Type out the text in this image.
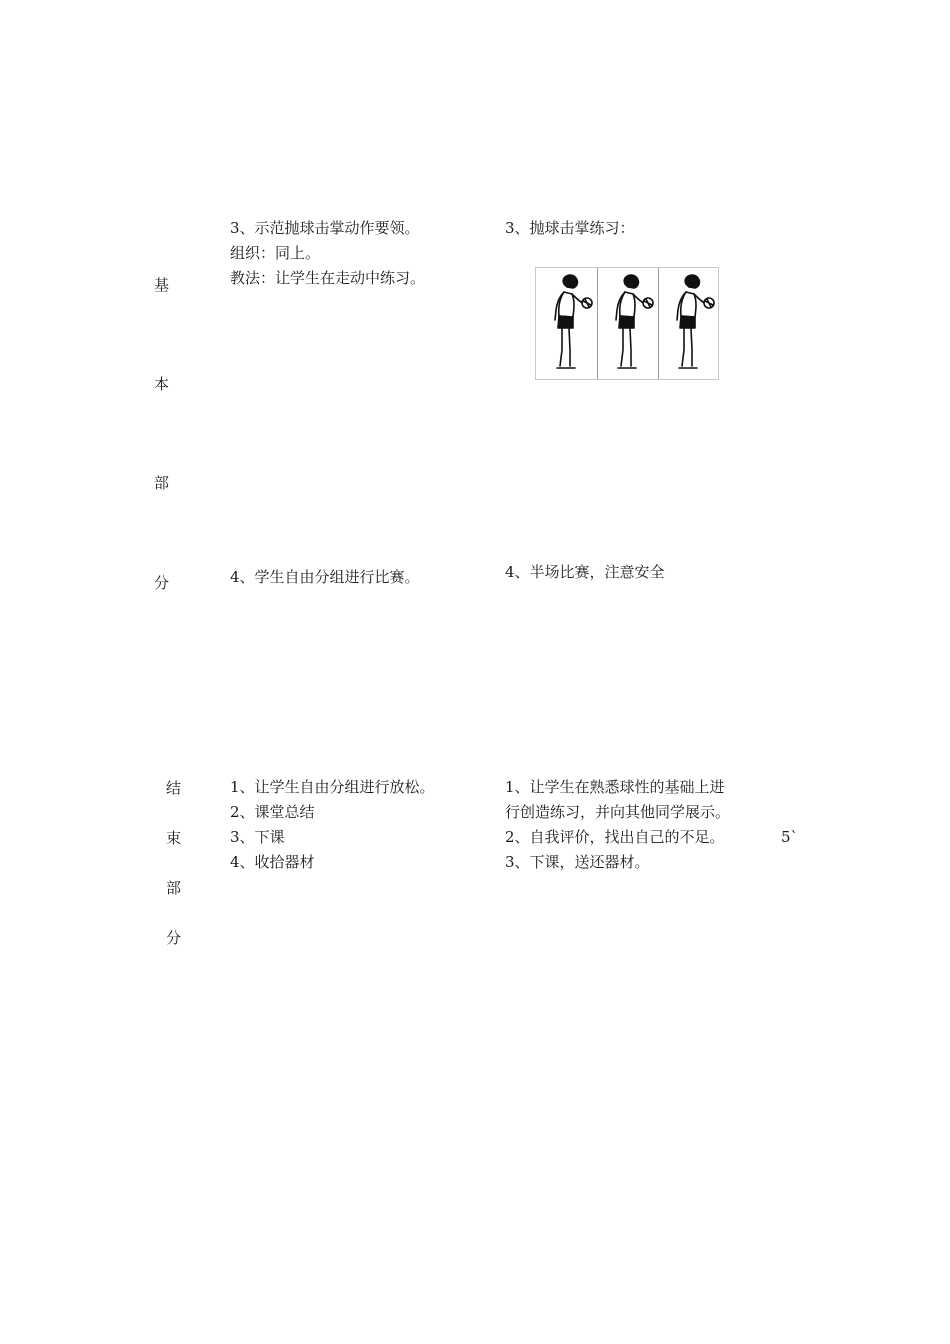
基
本
部
分
3、示范抛球击掌动作要领。
组织：同上。
教法：让学生在走动中练习。
3、抛球击掌练习：
4、学生自由分组进行比赛。	4、半场比赛，注意安全
结
束
部
分
1、让学生自由分组进行放松。
2、课堂总结
3、下课
4、收拾器材
1、让学生在熟悉球性的基础上进
行创造练习，并向其他同学展示。
2、自我评价，找出自己的不足。
3、下课，送还器材。
5`
